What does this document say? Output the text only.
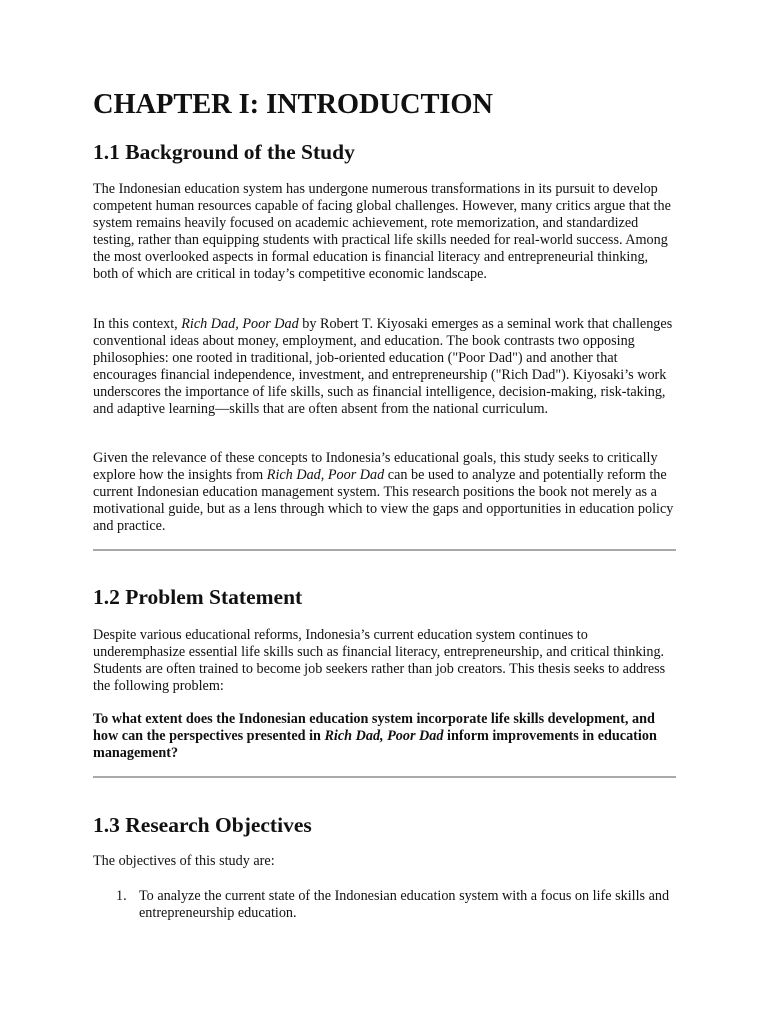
CHAPTER I: INTRODUCTION
1.1 Background of the Study

The Indonesian education system has undergone numerous transformations in its pursuit to develop competent human resources capable of facing global challenges. However, many critics argue that the system remains heavily focused on academic achievement, rote memorization, and standardized testing, rather than equipping students with practical life skills needed for real-world success. Among the most overlooked aspects in formal education is financial literacy and entrepreneurial thinking, both of which are critical in today’s competitive economic landscape.

In this context, Rich Dad, Poor Dad by Robert T. Kiyosaki emerges as a seminal work that challenges conventional ideas about money, employment, and education. The book contrasts two opposing philosophies: one rooted in traditional, job-oriented education ("Poor Dad") and another that encourages financial independence, investment, and entrepreneurship ("Rich Dad"). Kiyosaki’s work underscores the importance of life skills, such as financial intelligence, decision-making, risk-taking, and adaptive learning—skills that are often absent from the national curriculum.

Given the relevance of these concepts to Indonesia’s educational goals, this study seeks to critically explore how the insights from Rich Dad, Poor Dad can be used to analyze and potentially reform the current Indonesian education management system. This research positions the book not merely as a motivational guide, but as a lens through which to view the gaps and opportunities in education policy and practice.

1.2 Problem Statement

Despite various educational reforms, Indonesia’s current education system continues to underemphasize essential life skills such as financial literacy, entrepreneurship, and critical thinking. Students are often trained to become job seekers rather than job creators. This thesis seeks to address the following problem:

To what extent does the Indonesian education system incorporate life skills development, and how can the perspectives presented in Rich Dad, Poor Dad inform improvements in education management?

1.3 Research Objectives

The objectives of this study are:

1. To analyze the current state of the Indonesian education system with a focus on life skills and entrepreneurship education.
